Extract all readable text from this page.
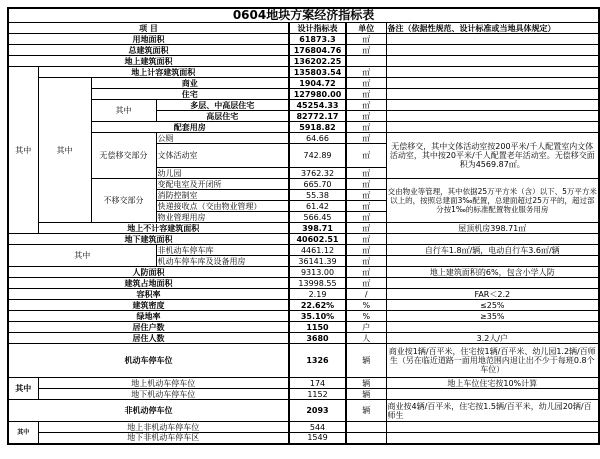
0604地块方案经济指标表						
项 目				设计指标表	单位	备注（依据性规范、设计标准或当地具体规定）
用地面积				61873.3	㎡	
总建筑面积				176804.76	㎡	
地上建筑面积				136202.25		
其中	地上计容建筑面积			135803.54	㎡	
	其中	商业		1904.72	㎡	
		住宅		127980.00	㎡	
		其中	多层、中高层住宅	45254.33	㎡	
			高层住宅	82772.17	㎡	
		配套用房		5918.82	㎡	
		无偿移交部分	公厕	64.66	㎡	无偿移交，其中文体活动室按200平米/千人配置室内文体活动室，其中按20平米/千人配置老年活动室。无偿移交面积为4569.87㎡。
			文体活动室	742.89	㎡	
			幼儿园	3762.32	㎡	
		不移交部分	变配电室及开闭所	665.70	㎡	交由物业等管理，其中依据25万平方米（含）以下、5万平方米以上的，按照总建面3‰配置，总建面超过25万平的，超过部分按1‰的标准配置物业服务用房
			消防控制室	55.38	㎡	
			快递接收点（交由物业管理）	61.42	㎡	
			物业管理用房	566.45	㎡	
	地上不计容建筑面积			398.71	㎡	屋顶机房398.71㎡
地下建筑面积				40602.51	㎡	
其中			非机动车停车库	4461.12	㎡	自行车1.8㎡/辆，电动自行车3.6㎡/辆
			机动车停车库及设备用房	36141.39	㎡	
人防面积				9313.00	㎡	地上建筑面积的6%，包含小学人防
建筑占地面积				13998.55	㎡	
容积率				2.19	/	FAR＜2.2
建筑密度				22.62%	%	≤25%
绿地率				35.10%	%	≥35%
居住户数				1150	户	
居住人数				3680	人	3.2人/户
机动车停车位				1326	辆	商业按1辆/百平米，住宅按1辆/百平米、幼儿园1.2辆/百师生（另在临近道路一面用地范围内退让出不少于每班0.8个车位）
其中	地上机动车停车位			174	辆	地上车位住宅按10%计算
	地下机动车停车位			1152	辆	
非机动停车位				2093	辆	商业按4辆/百平米，住宅按1.5辆/百平米，幼儿园20辆/百师生
其中	地上非机动车停车位			544		
	地下非机动车停车区			1549		
